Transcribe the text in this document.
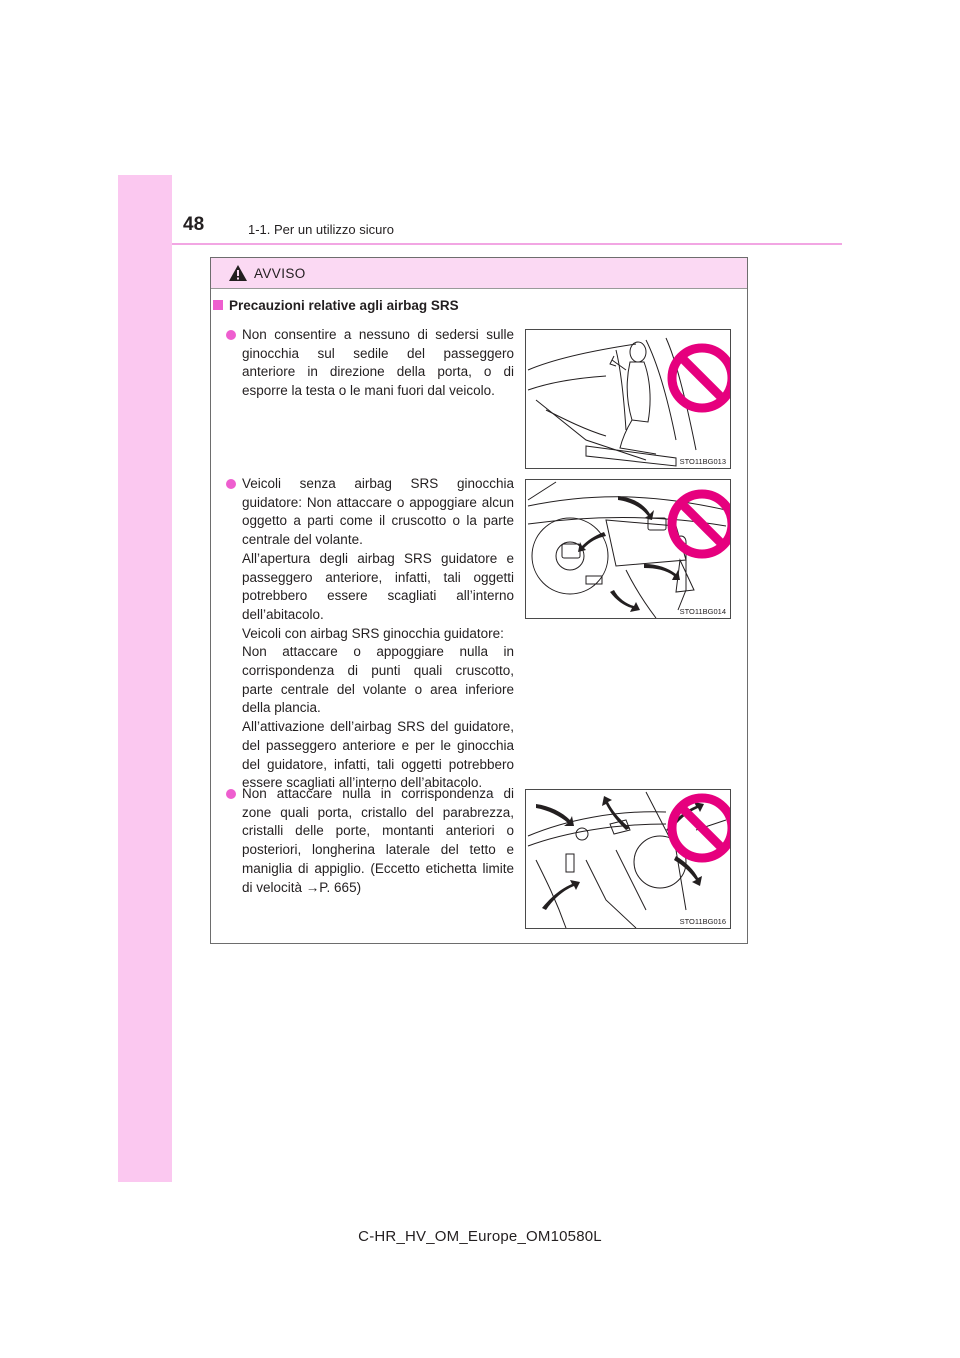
48	1-1. Per un utilizzo sicuro
AVVISO
Precauzioni relative agli airbag SRS
Non consentire a nessuno di sedersi sulle
ginocchia sul sedile del passeggero
anteriore in direzione della porta, o di
esporre la testa o le mani fuori dal veicolo.
STO11BG013
Veicoli senza airbag SRS ginocchia
guidatore: Non attaccare o appoggiare alcun
oggetto a parti come il cruscotto o la parte
centrale del volante.
All’apertura degli airbag SRS guidatore e
passeggero anteriore, infatti, tali oggetti
potrebbero essere scagliati all’interno
dell’abitacolo.
Veicoli con airbag SRS ginocchia guidatore:
Non attaccare o appoggiare nulla in
corrispondenza di punti quali cruscotto,
parte centrale del volante o area inferiore
della plancia.
All’attivazione dell’airbag SRS del guidatore,
del passeggero anteriore e per le ginocchia
del guidatore, infatti, tali oggetti potrebbero
essere scagliati all’interno dell’abitacolo.
STO11BG014
Non attaccare nulla in corrispondenza di
zone quali porta, cristallo del parabrezza,
cristalli delle porte, montanti anteriori o
posteriori, longherina laterale del tetto e
maniglia di appiglio. (Eccetto etichetta limite
di velocità →P. 665)
STO11BG016
C-HR_HV_OM_Europe_OM10580L
